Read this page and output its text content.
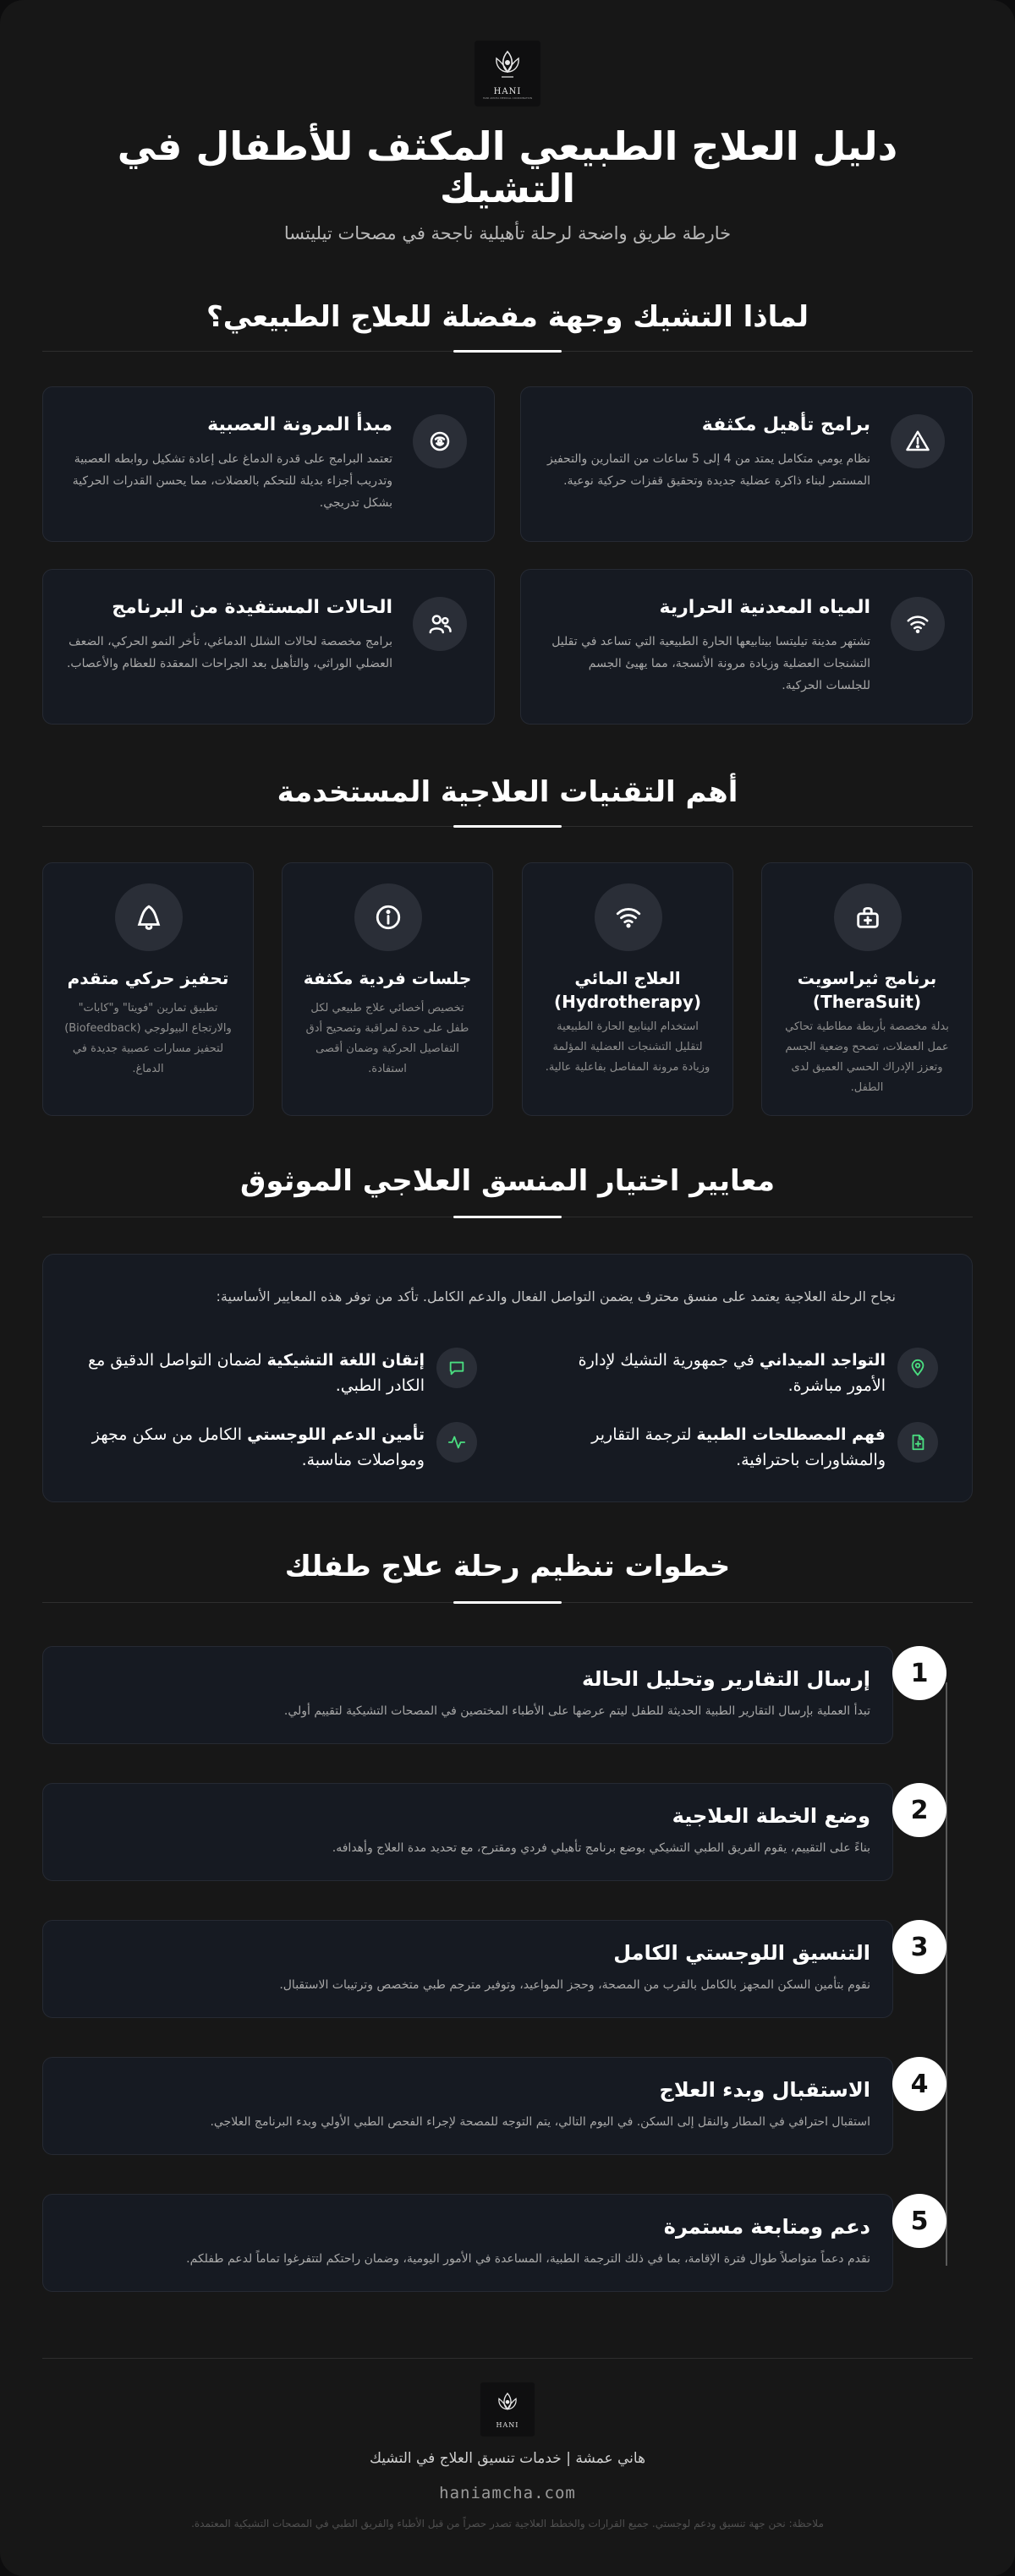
HANI
HANI AMCHA MEDICAL COORDINATION
دليل العلاج الطبيعي المكثف للأطفال في التشيك
خارطة طريق واضحة لرحلة تأهيلية ناجحة في مصحات تيليتسا
لماذا التشيك وجهة مفضلة للعلاج الطبيعي؟
برامج تأهيل مكثفة
نظام يومي متكامل يمتد من 4 إلى 5 ساعات من التمارين والتحفيز المستمر لبناء ذاكرة عضلية جديدة وتحقيق قفزات حركية نوعية.
مبدأ المرونة العصبية
تعتمد البرامج على قدرة الدماغ على إعادة تشكيل روابطه العصبية وتدريب أجزاء بديلة للتحكم بالعضلات، مما يحسن القدرات الحركية بشكل تدريجي.
المياه المعدنية الحرارية
تشتهر مدينة تيليتسا بينابيعها الحارة الطبيعية التي تساعد في تقليل التشنجات العضلية وزيادة مرونة الأنسجة، مما يهيئ الجسم للجلسات الحركية.
الحالات المستفيدة من البرنامج
برامج مخصصة لحالات الشلل الدماغي، تأخر النمو الحركي، الضعف العضلي الوراثي، والتأهيل بعد الجراحات المعقدة للعظام والأعصاب.
أهم التقنيات العلاجية المستخدمة
برنامج ثيراسويت (TheraSuit)
بدلة مخصصة بأربطة مطاطية تحاكي عمل العضلات، تصحح وضعية الجسم وتعزز الإدراك الحسي العميق لدى الطفل.
العلاج المائي (Hydrotherapy)
استخدام الينابيع الحارة الطبيعية لتقليل التشنجات العضلية المؤلمة وزيادة مرونة المفاصل بفاعلية عالية.
جلسات فردية مكثفة
تخصيص أخصائي علاج طبيعي لكل طفل على حدة لمراقبة وتصحيح أدق التفاصيل الحركية وضمان أقصى استفادة.
تحفيز حركي متقدم
تطبيق تمارين "فويتا" و"كابات" والارتجاع البيولوجي (Biofeedback) لتحفيز مسارات عصبية جديدة في الدماغ.
معايير اختيار المنسق العلاجي الموثوق
نجاح الرحلة العلاجية يعتمد على منسق محترف يضمن التواصل الفعال والدعم الكامل. تأكد من توفر هذه المعايير الأساسية:
التواجد الميداني في جمهورية التشيك لإدارة الأمور مباشرة.
إتقان اللغة التشيكية لضمان التواصل الدقيق مع الكادر الطبي.
فهم المصطلحات الطبية لترجمة التقارير والمشاورات باحترافية.
تأمين الدعم اللوجستي الكامل من سكن مجهز ومواصلات مناسبة.
خطوات تنظيم رحلة علاج طفلك
إرسال التقارير وتحليل الحالة
تبدأ العملية بإرسال التقارير الطبية الحديثة للطفل ليتم عرضها على الأطباء المختصين في المصحات التشيكية لتقييم أولي.
1
وضع الخطة العلاجية
بناءً على التقييم، يقوم الفريق الطبي التشيكي بوضع برنامج تأهيلي فردي ومقترح، مع تحديد مدة العلاج وأهدافه.
2
التنسيق اللوجستي الكامل
نقوم بتأمين السكن المجهز بالكامل بالقرب من المصحة، وحجز المواعيد، وتوفير مترجم طبي متخصص وترتيبات الاستقبال.
3
الاستقبال وبدء العلاج
استقبال احترافي في المطار والنقل إلى السكن. في اليوم التالي، يتم التوجه للمصحة لإجراء الفحص الطبي الأولي وبدء البرنامج العلاجي.
4
دعم ومتابعة مستمرة
نقدم دعماً متواصلاً طوال فترة الإقامة، بما في ذلك الترجمة الطبية، المساعدة في الأمور اليومية، وضمان راحتكم لتتفرغوا تماماً لدعم طفلكم.
5
HANI
هاني عمشة | خدمات تنسيق العلاج في التشيك
haniamcha.com
ملاحظة: نحن جهة تنسيق ودعم لوجستي. جميع القرارات والخطط العلاجية تصدر حصراً من قبل الأطباء والفريق الطبي في المصحات التشيكية المعتمدة.
